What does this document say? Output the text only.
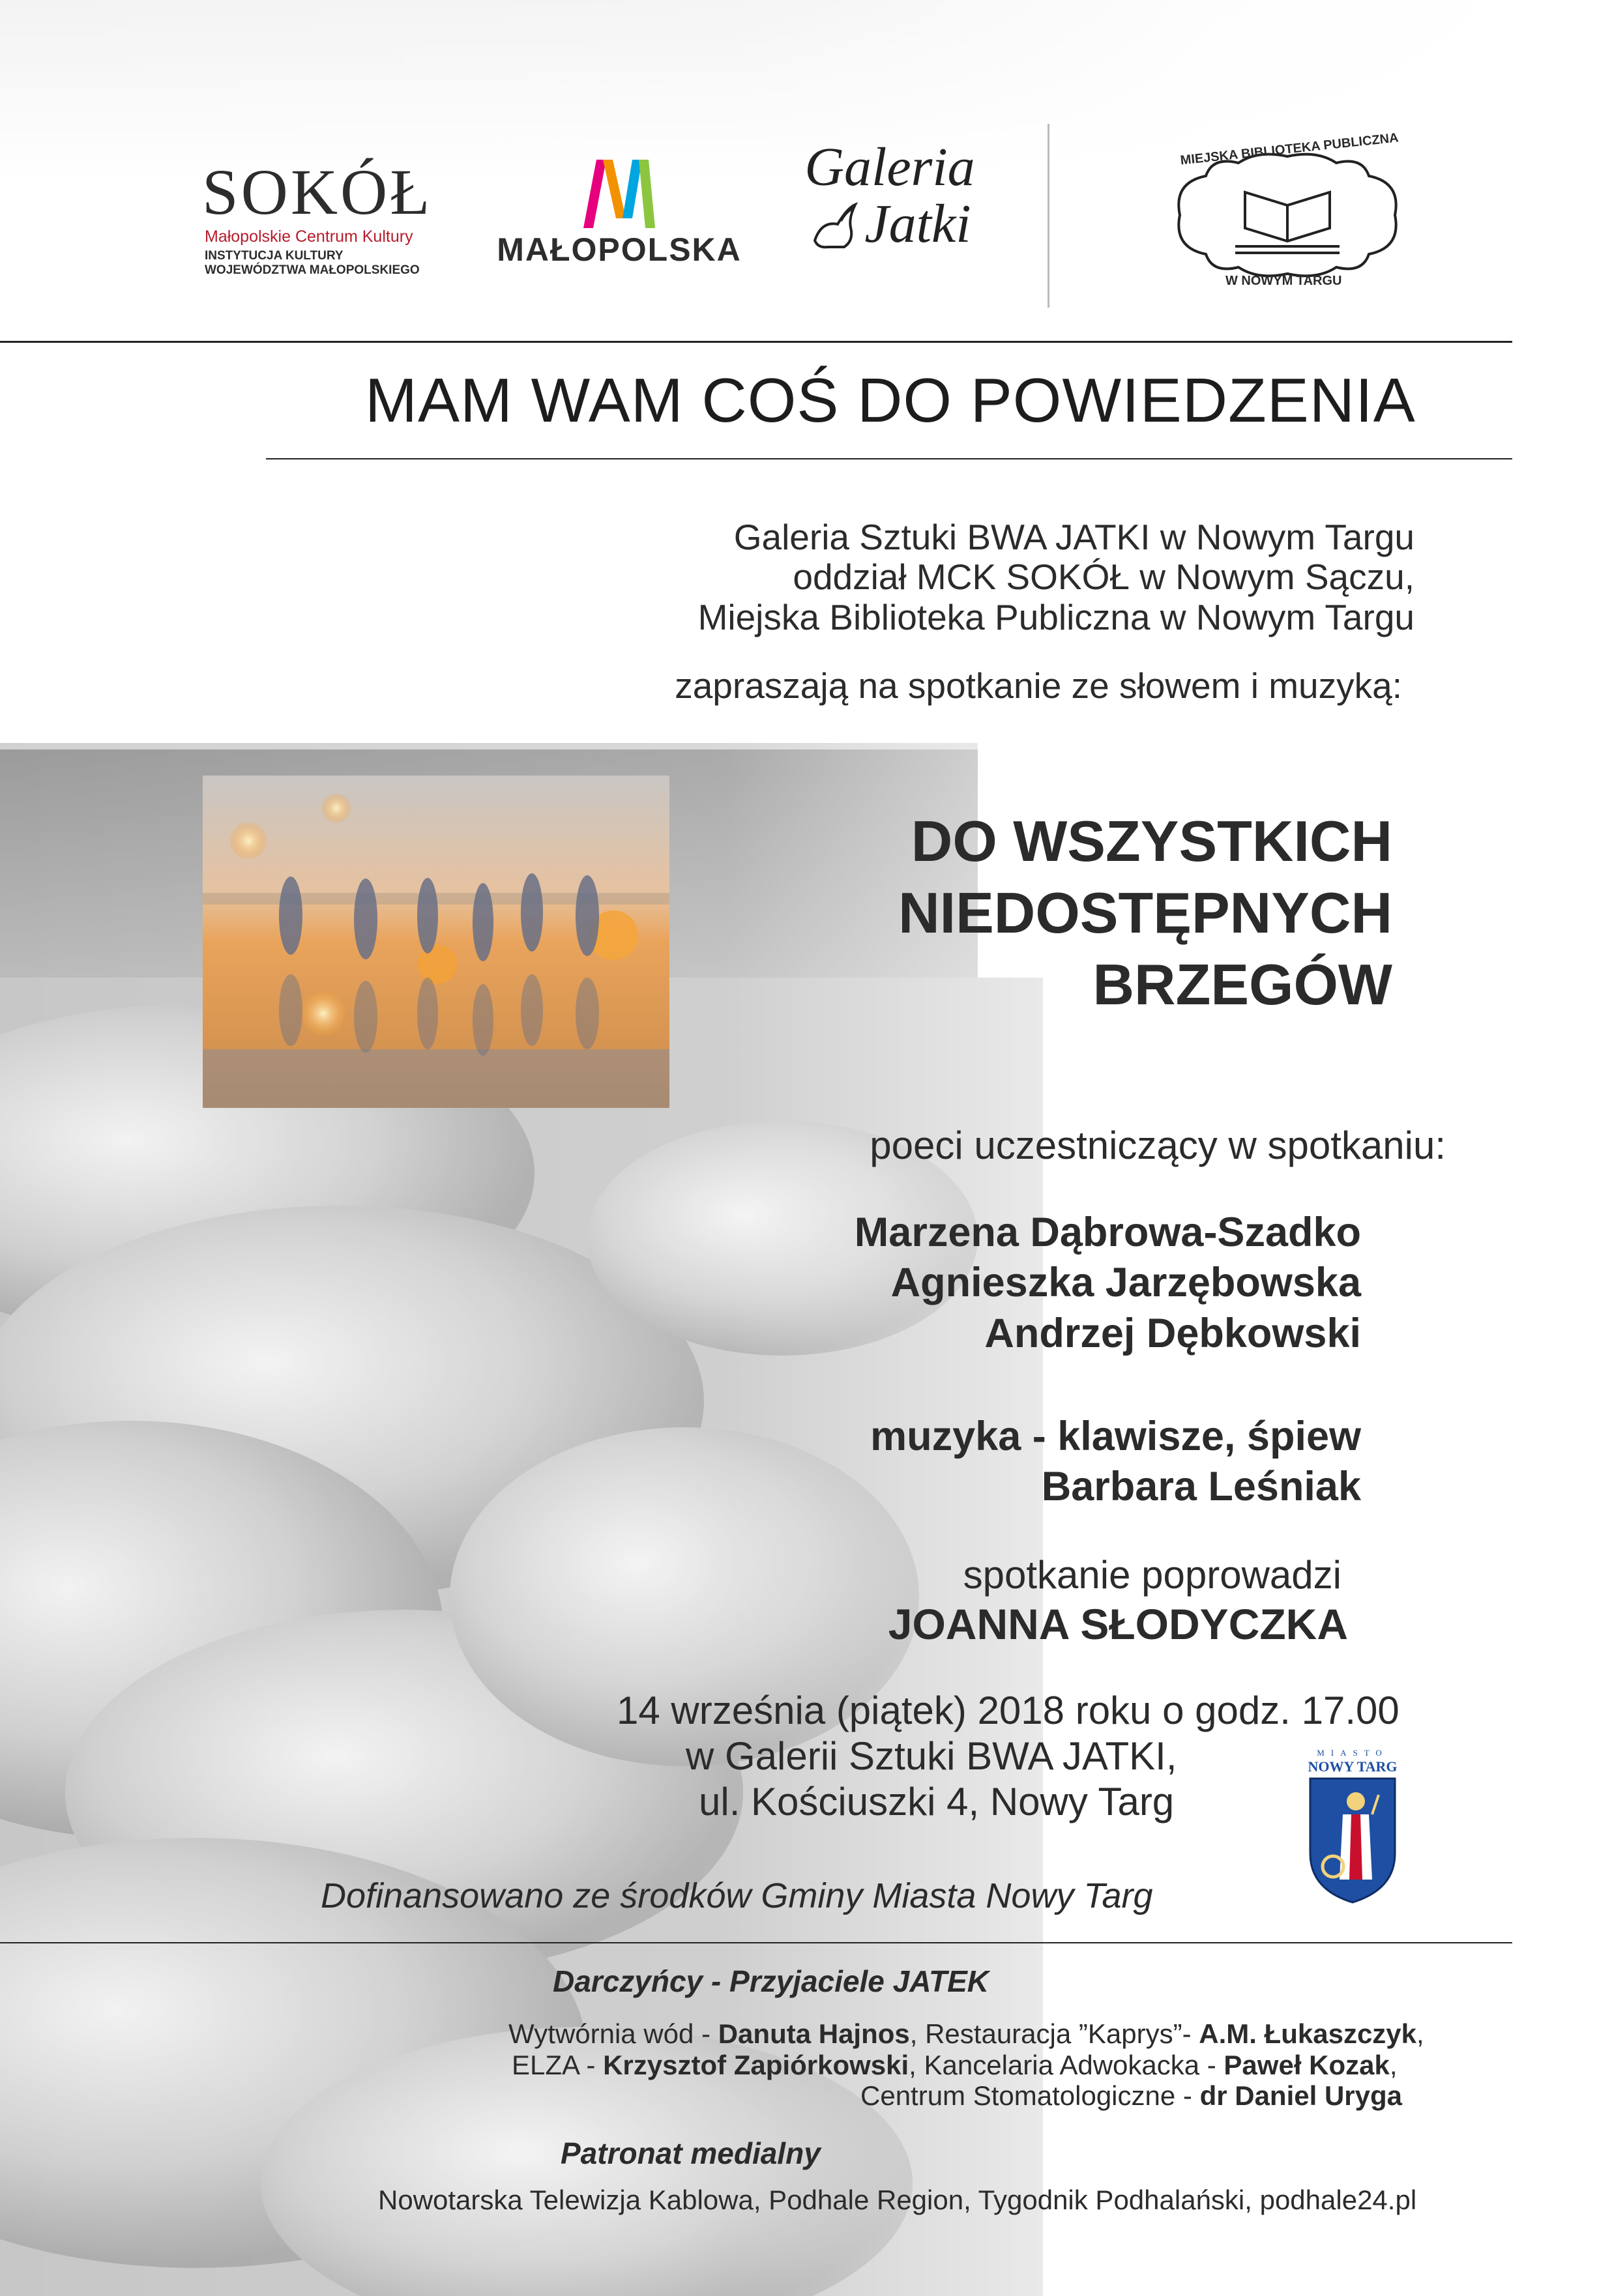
SOKÓŁ
Małopolskie Centrum Kultury
INSTYTUCJA KULTURY
WOJEWÓDZTWA MAŁOPOLSKIEGO
MAŁOPOLSKA
Galeria
Jatki
MIEJSKA BIBLIOTEKA PUBLICZNA
W NOWYM TARGU
MAM WAM COŚ DO POWIEDZENIA
Galeria Sztuki BWA JATKI w Nowym Targu
oddział MCK SOKÓŁ w Nowym Sączu,
Miejska Biblioteka Publiczna w Nowym Targu
zapraszają na spotkanie ze słowem i muzyką:
DO WSZYSTKICH
NIEDOSTĘPNYCH
BRZEGÓW
poeci uczestniczący w spotkaniu:
Marzena Dąbrowa-Szadko
Agnieszka Jarzębowska
Andrzej Dębkowski
muzyka - klawisze, śpiew
Barbara Leśniak
spotkanie poprowadzi
JOANNA SŁODYCZKA
14 września (piątek) 2018 roku o godz. 17.00
w Galerii Sztuki BWA JATKI,
ul. Kościuszki 4, Nowy Targ
MIASTO
NOWY TARG
Dofinansowano ze środków Gminy Miasta Nowy Targ
Darczyńcy - Przyjaciele JATEK
Wytwórnia wód - Danuta Hajnos, Restauracja ”Kaprys”- A.M. Łukaszczyk,
ELZA - Krzysztof Zapiórkowski, Kancelaria Adwokacka - Paweł Kozak,
Centrum Stomatologiczne - dr Daniel Uryga
Patronat medialny
Nowotarska Telewizja Kablowa, Podhale Region, Tygodnik Podhalański, podhale24.pl
